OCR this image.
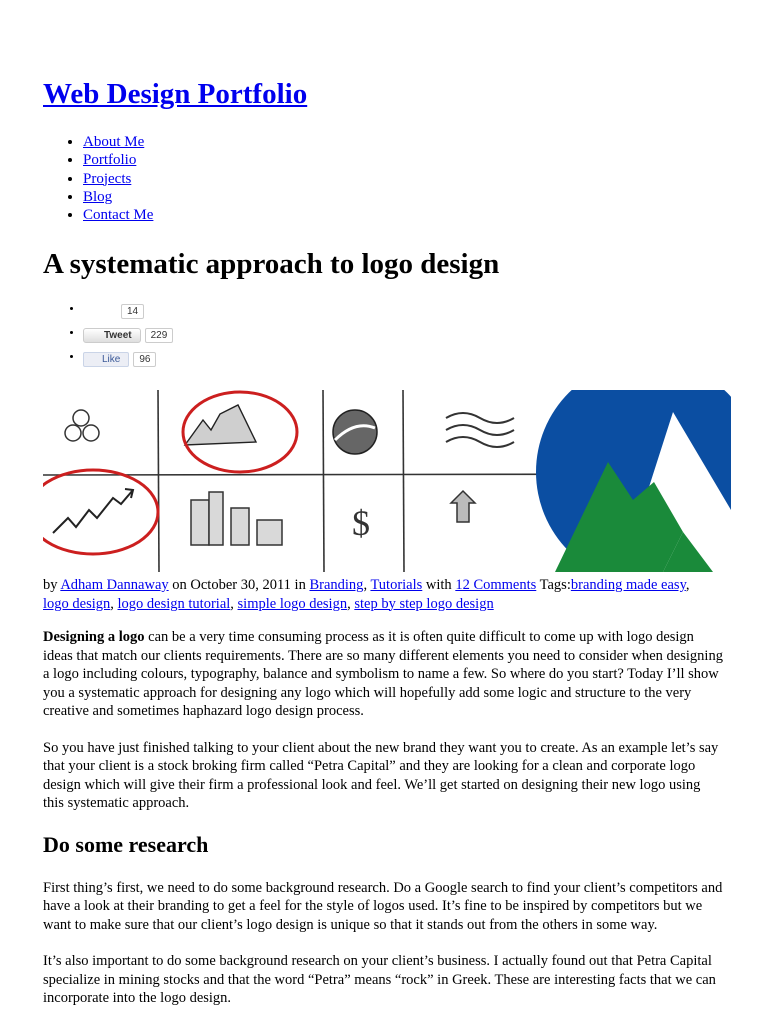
Web Design Portfolio
• About Me
• Portfolio
• Projects
• Blog
• Contact Me
A systematic approach to logo design
14
Tweet	229
Like	96
$

by Adham Dannaway on October 30, 2011 in Branding, Tutorials with 12 Comments Tags:branding made easy, logo design, logo design tutorial, simple logo design, step by step logo design

Designing a logo can be a very time consuming process as it is often quite difficult to come up with logo design ideas that match our clients requirements. There are so many different elements you need to consider when designing a logo including colours, typography, balance and symbolism to name a few. So where do you start? Today I’ll show you a systematic approach for designing any logo which will hopefully add some logic and structure to the very creative and sometimes haphazard logo design process.

So you have just finished talking to your client about the new brand they want you to create. As an example let’s say that your client is a stock broking firm called “Petra Capital” and they are looking for a clean and corporate logo design which will give their firm a professional look and feel. We’ll get started on designing their new logo using this systematic approach.

Do some research

First thing’s first, we need to do some background research. Do a Google search to find your client’s competitors and have a look at their branding to get a feel for the style of logos used. It’s fine to be inspired by competitors but we want to make sure that our client’s logo design is unique so that it stands out from the others in some way.

It’s also important to do some background research on your client’s business. I actually found out that Petra Capital specialize in mining stocks and that the word “Petra” means “rock” in Greek. These are interesting facts that we can incorporate into the logo design.
